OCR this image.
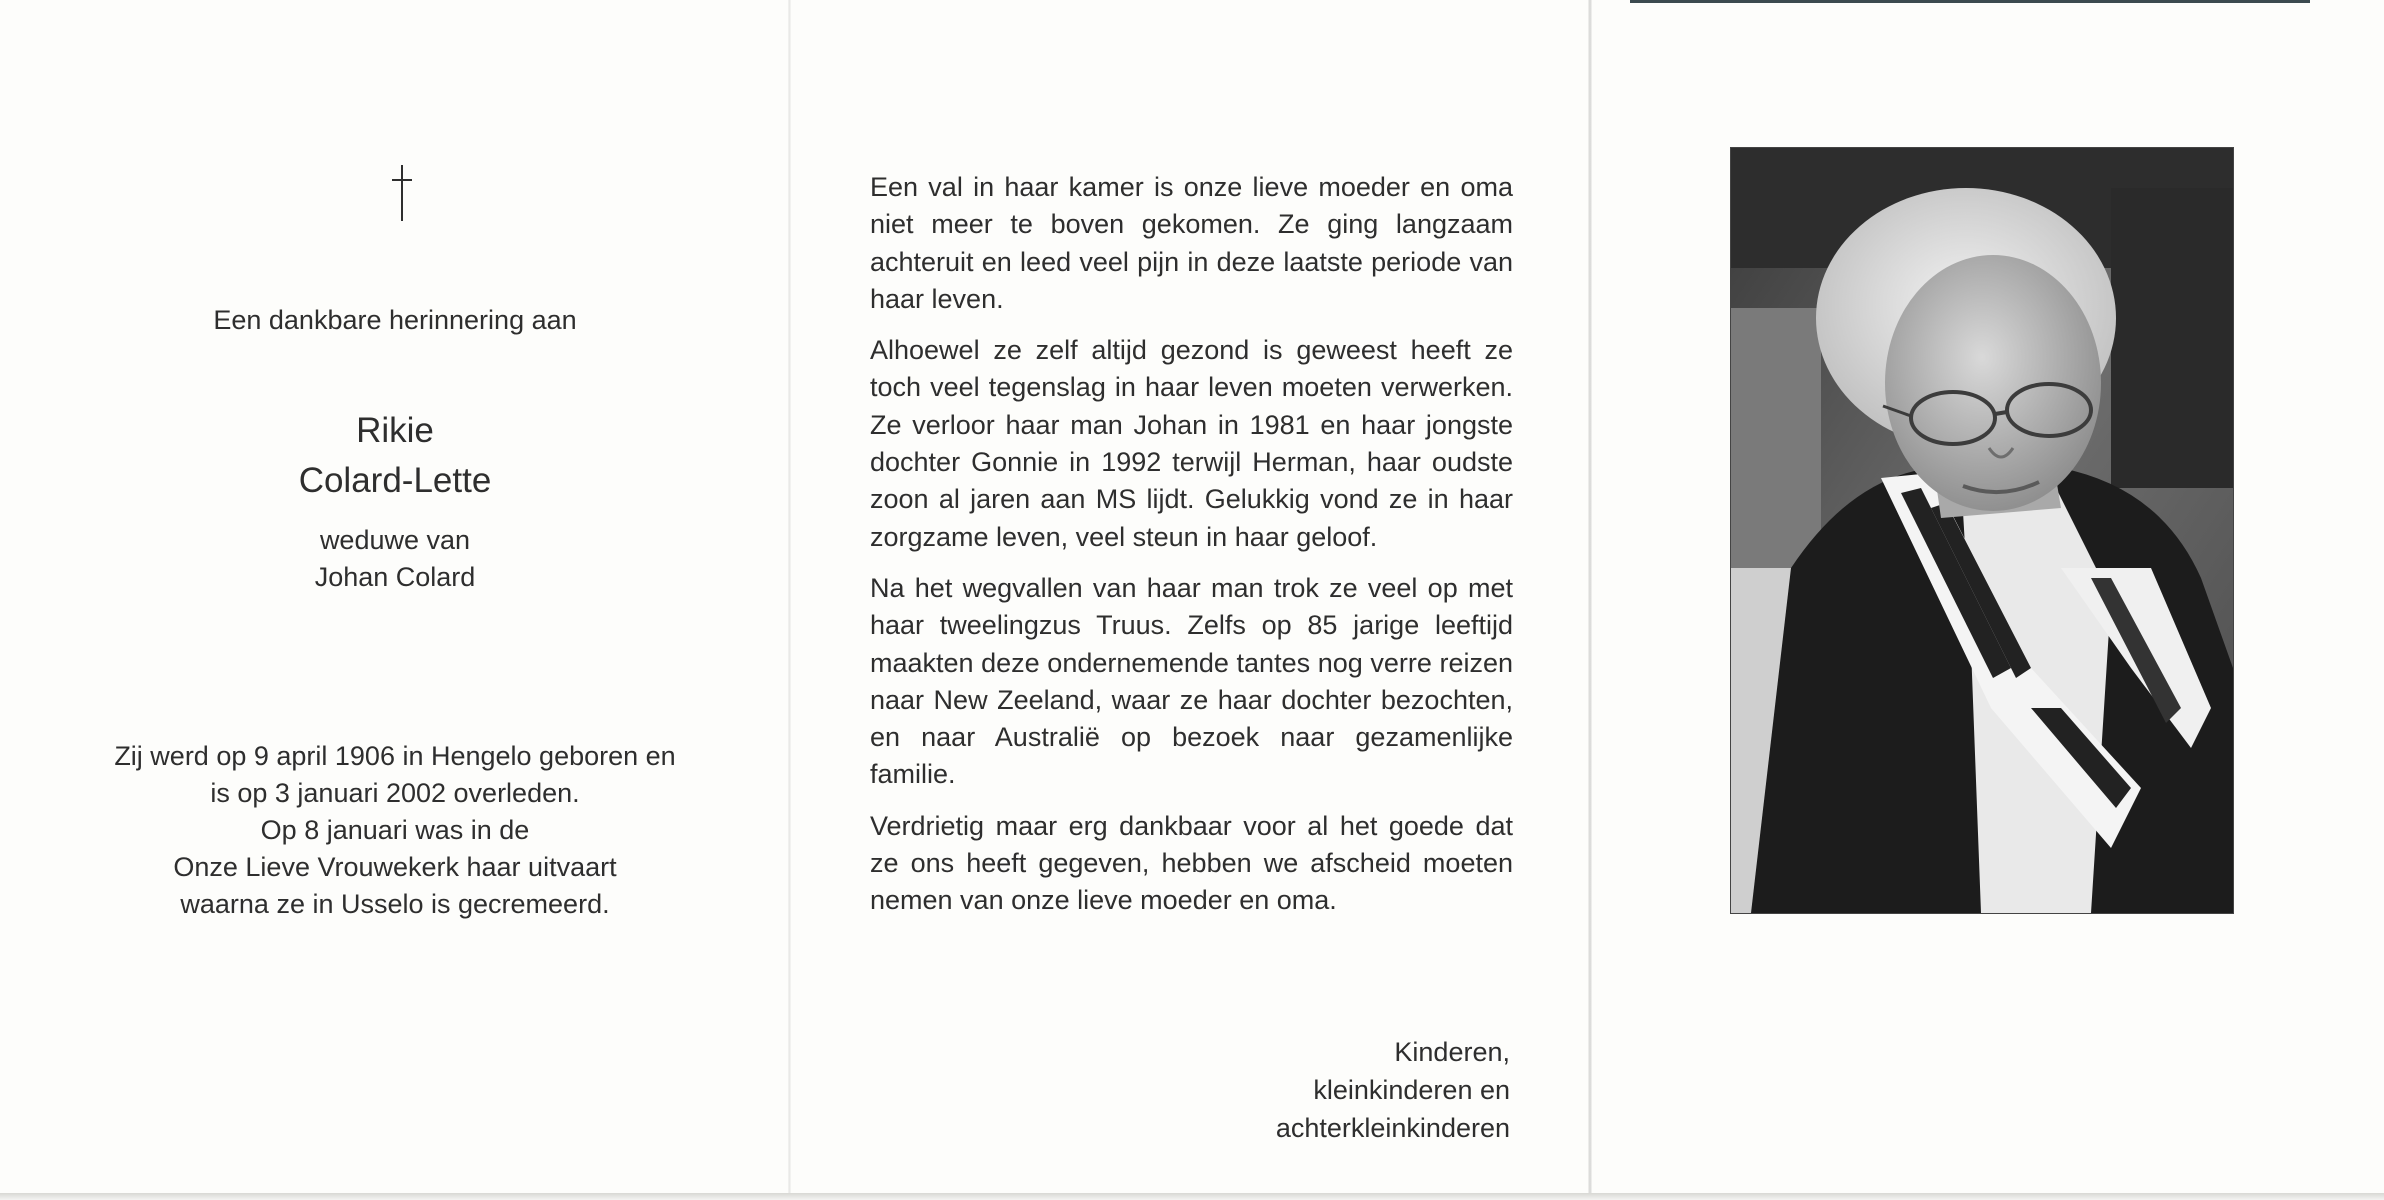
Een dankbare herinnering aan
Rikie
Colard-Lette
weduwe van
Johan Colard
Zij werd op 9 april 1906 in Hengelo geboren en
is op 3 januari 2002 overleden.
Op 8 januari was in de
Onze Lieve Vrouwekerk haar uitvaart
waarna ze in Usselo is gecremeerd.

Een val in haar kamer is onze lieve moeder en oma niet meer te boven gekomen. Ze ging langzaam achteruit en leed veel pijn in deze laatste periode van haar leven.

Alhoewel ze zelf altijd gezond is geweest heeft ze toch veel tegenslag in haar leven moeten verwerken. Ze verloor haar man Johan in 1981 en haar jongste dochter Gonnie in 1992 terwijl Herman, haar oudste zoon al jaren aan MS lijdt. Gelukkig vond ze in haar zorgzame leven, veel steun in haar geloof.

Na het wegvallen van haar man trok ze veel op met haar tweelingzus Truus. Zelfs op 85 jarige leeftijd maakten deze ondernemende tantes nog verre reizen naar New Zeeland, waar ze haar dochter bezochten, en naar Australië op bezoek naar gezamenlijke familie.

Verdrietig maar erg dankbaar voor al het goede dat ze ons heeft gegeven, hebben we afscheid moeten nemen van onze lieve moeder en oma.

Kinderen,
kleinkinderen en
achterkleinkinderen
